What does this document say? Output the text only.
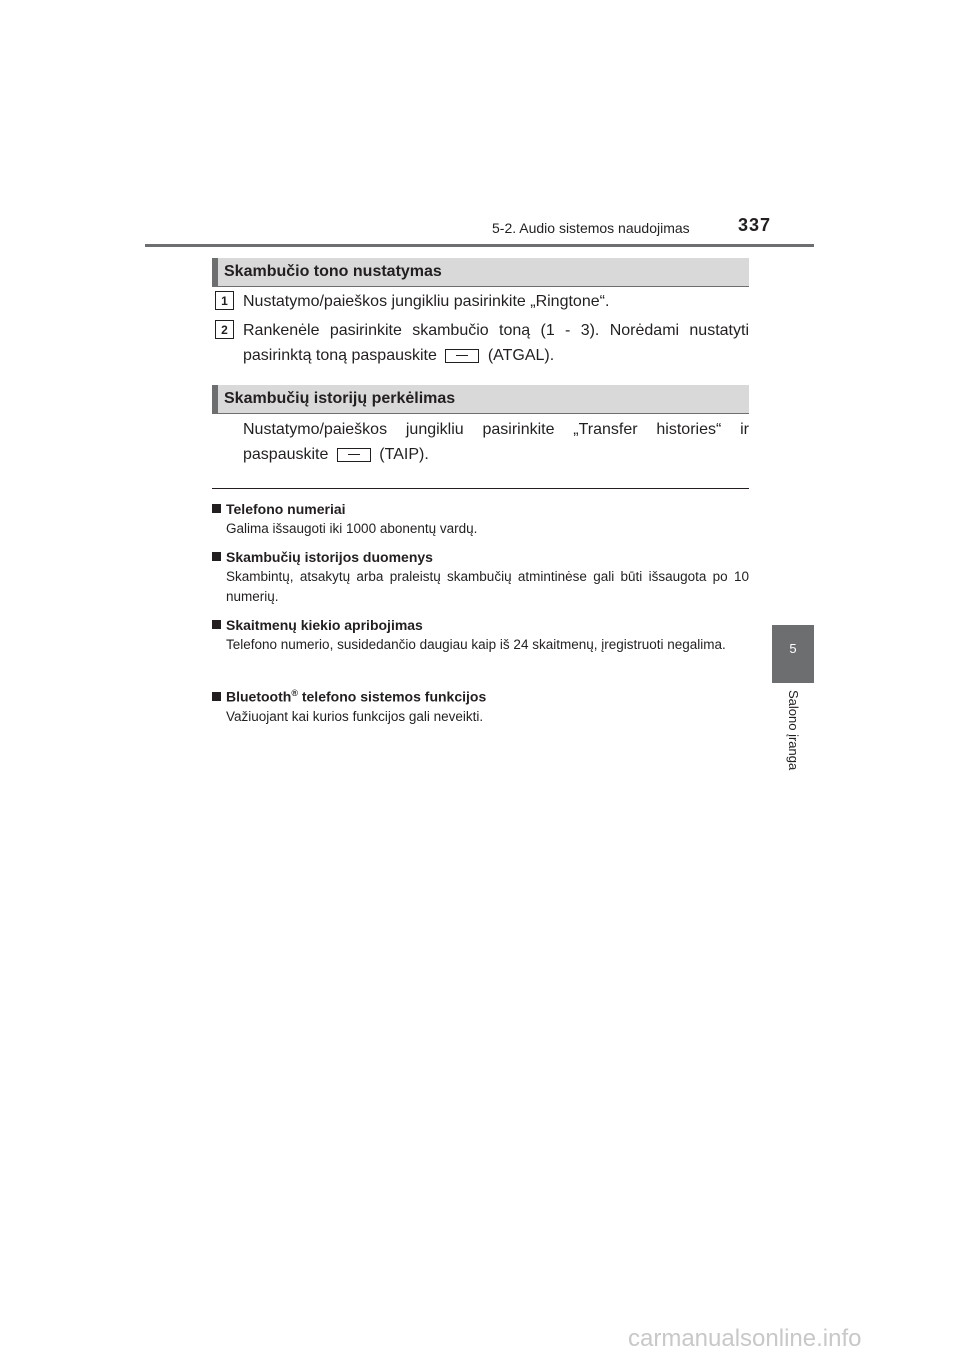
5-2. Audio sistemos naudojimas	337
5
Salono įranga
Skambučio tono nustatymas
1 Nustatymo/paieškos jungikliu pasirinkite „Ringtone“.
2 Rankenėle pasirinkite skambučio toną (1 - 3). Norėdami nustatyti pasirinktą toną paspauskite	(ATGAL).
Skambučių istorijų perkėlimas
Nustatymo/paieškos jungikliu pasirinkite „Transfer histories“ ir paspauskite	(TAIP).
Telefono numeriai
Galima išsaugoti iki 1000 abonentų vardų.
Skambučių istorijos duomenys
Skambintų, atsakytų arba praleistų skambučių atmintinėse gali būti išsaugota po 10 numerių.
Skaitmenų kiekio apribojimas
Telefono numerio, susidedančio daugiau kaip iš 24 skaitmenų, įregistruoti negalima.
Bluetooth® telefono sistemos funkcijos
Važiuojant kai kurios funkcijos gali neveikti.
carmanualsonline.info
